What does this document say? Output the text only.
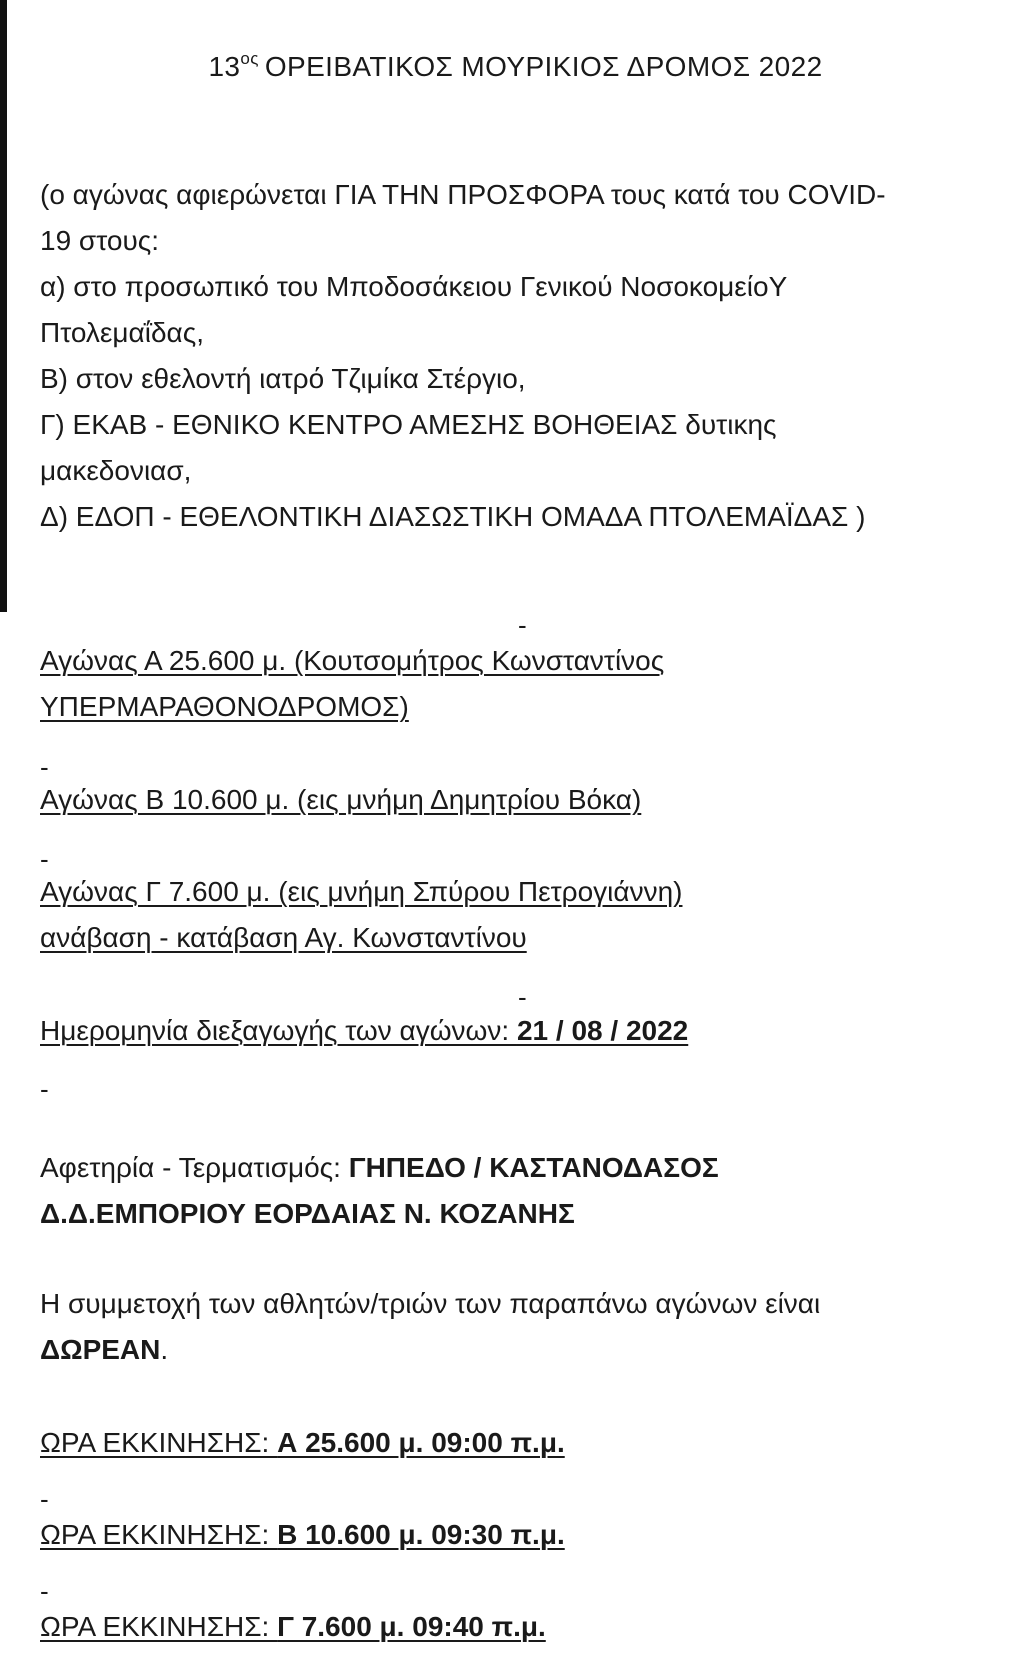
$13^{o\varsigma}$ ΟΡΕΙΒΑΤΙΚΟΣ ΜΟΥΡΙΚΙΟΣ ΔΡΟΜΟΣ 2022

(ο αγώνας αφιερώνεται ΓΙΑ ΤΗΝ ΠΡΟΣΦΟΡΑ τους κατά του COVID-

19 στους:

α) στο προσωπικό του Μποδοσάκειου Γενικού ΝοσοκομείοΥ

Πτολεμαΐδας,

Β) στον εθελοντή ιατρό Τζιμίκα Στέργιο,

Γ) ΕΚΑΒ - ΕΘΝΙΚΟ ΚΕΝΤΡΟ ΑΜΕΣΗΣ ΒΟΗΘΕΙΑΣ δυτικης

μακεδονιασ,

Δ) ΕΔΟΠ - ΕΘΕΛΟΝΤΙΚΗ ΔΙΑΣΩΣΤΙΚΗ ΟΜΑΔΑ ΠΤΟΛΕΜΑΪΔΑΣ )

-

Αγώνας Α 25.600 μ. (Κουτσομήτρος Κωνσταντίνος

ΥΠΕΡΜΑΡΑΘΟΝΟΔΡΟΜΟΣ)

-

Αγώνας Β 10.600 μ. (εις μνήμη Δημητρίου Βόκα)

-

Αγώνας Γ 7.600 μ. (εις μνήμη Σπύρου Πετρογιάννη)

ανάβαση - κατάβαση Αγ. Κωνσταντίνου

-

Ημερομηνία διεξαγωγής των αγώνων: 21 / 08 / 2022

-

Αφετηρία - Τερματισμός: ΓΗΠΕΔΟ / ΚΑΣΤΑΝΟΔΑΣΟΣ

Δ.Δ.ΕΜΠΟΡΙΟΥ ΕΟΡΔΑΙΑΣ Ν. ΚΟΖΑΝΗΣ

Η συμμετοχή των αθλητών/τριών των παραπάνω αγώνων είναι

ΔΩΡΕΑΝ.

ΩΡΑ ΕΚΚΙΝΗΣΗΣ: Α 25.600 μ. 09:00 π.μ.

-

ΩΡΑ ΕΚΚΙΝΗΣΗΣ: Β 10.600 μ. 09:30 π.μ.

-

ΩΡΑ ΕΚΚΙΝΗΣΗΣ: Γ 7.600 μ. 09:40 π.μ.
